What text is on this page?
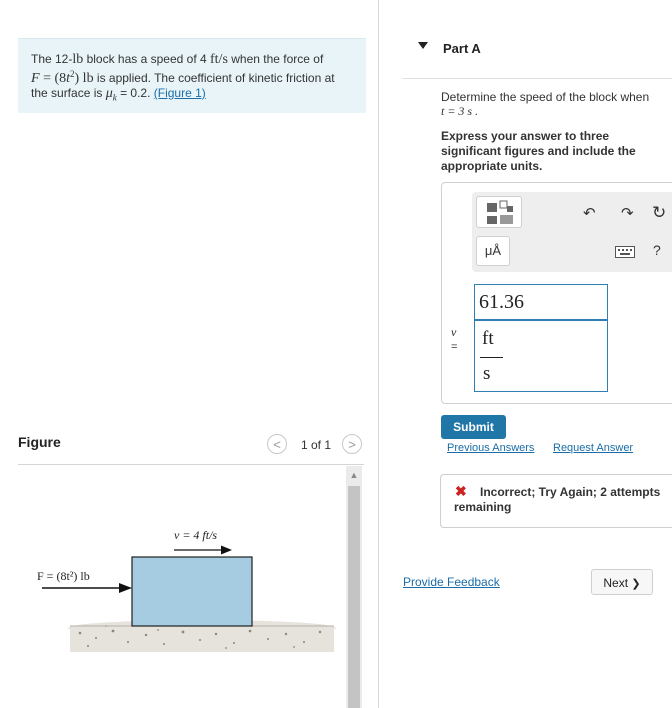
The 12-lb block has a speed of 4 ft/s when the force of
$F = (8t^2)$ lb is applied. The coefficient of kinetic friction at
the surface is $\mu_k = 0.2$. (Figure 1)
Figure	<	1 of 1	>
F = (8t²) lb
v = 4 ft/s
▲
Part A
Determine the speed of the block when
t = 3 s .
Express your answer to three significant figures and include the appropriate units.
μÅ
↶ ↷ ↻
?
v
=
61.36
ft
s
Submit
Previous Answers Request Answer
✖	Incorrect; Try Again; 2 attempts remaining
Provide Feedback	Next ❯
